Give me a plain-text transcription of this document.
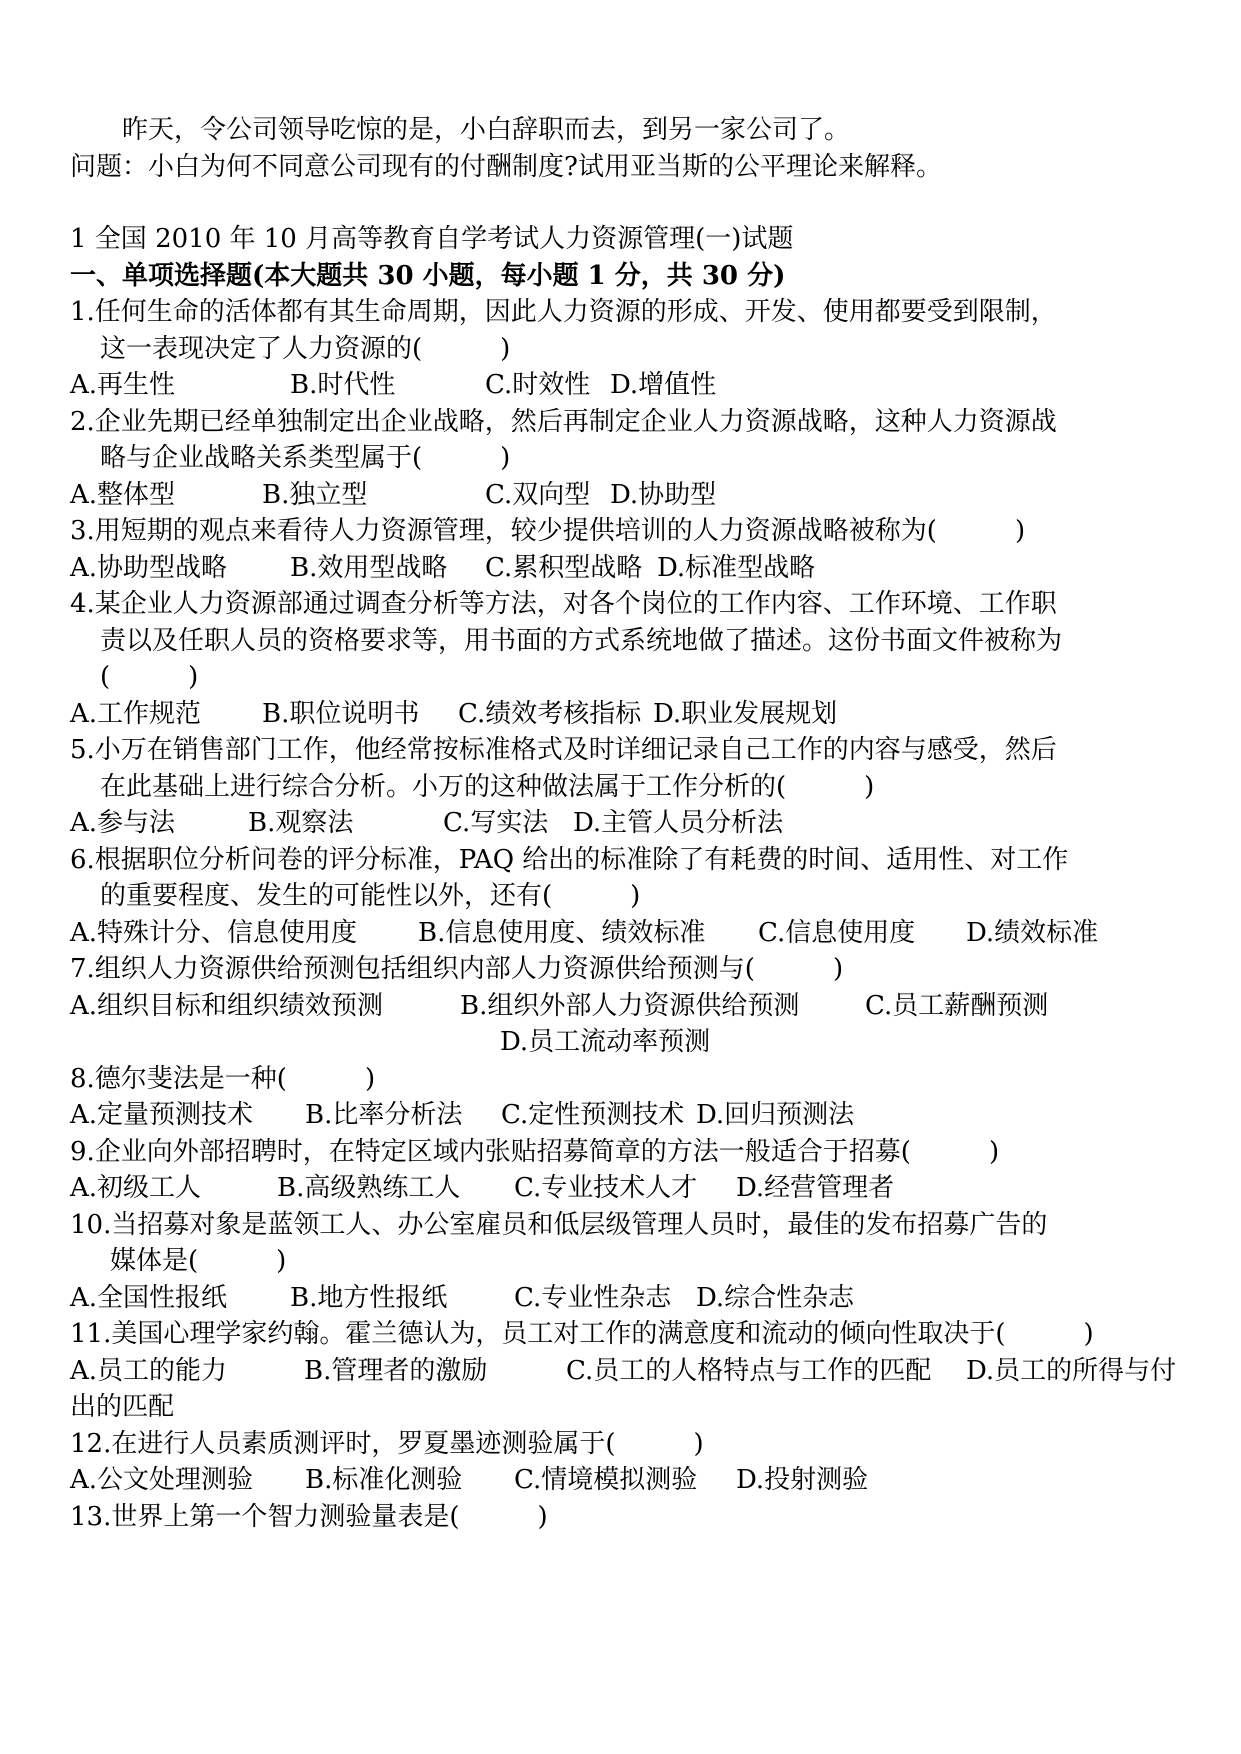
昨天，令公司领导吃惊的是，小白辞职而去，到另一家公司了。
问题：小白为何不同意公司现有的付酬制度?试用亚当斯的公平理论来解释。
1 全国 2010 年 10 月高等教育自学考试人力资源管理(一)试题
一、单项选择题(本大题共 30 小题，每小题 1 分，共 30 分)
1.任何生命的活体都有其生命周期，因此人力资源的形成、开发、使用都要受到限制，
这一表现决定了人力资源的(　　　)
A.再生性	B.时代性	C.时效性 D.增值性
2.企业先期已经单独制定出企业战略，然后再制定企业人力资源战略，这种人力资源战
略与企业战略关系类型属于(　　　)
A.整体型	B.独立型	C.双向型 D.协助型
3.用短期的观点来看待人力资源管理，较少提供培训的人力资源战略被称为(　　　)
A.协助型战略 B.效用型战略 C.累积型战略 D.标准型战略
4.某企业人力资源部通过调查分析等方法，对各个岗位的工作内容、工作环境、工作职
责以及任职人员的资格要求等，用书面的方式系统地做了描述。这份书面文件被称为
(　　　)
A.工作规范 B.职位说明书 C.绩效考核指标 D.职业发展规划
5.小万在销售部门工作，他经常按标准格式及时详细记录自己工作的内容与感受，然后
在此基础上进行综合分析。小万的这种做法属于工作分析的(　　　)
A.参与法	B.观察法	C.写实法 D.主管人员分析法
6.根据职位分析问卷的评分标准，PAQ 给出的标准除了有耗费的时间、适用性、对工作
的重要程度、发生的可能性以外，还有(　　　)
A.特殊计分、信息使用度 B.信息使用度、绩效标准 C.信息使用度 D.绩效标准
7.组织人力资源供给预测包括组织内部人力资源供给预测与(　　　)
A.组织目标和组织绩效预测	B.组织外部人力资源供给预测	C.员工薪酬预测
D.员工流动率预测
8.德尔斐法是一种(　　　)
A.定量预测技术 B.比率分析法 C.定性预测技术 D.回归预测法
9.企业向外部招聘时，在特定区域内张贴招募简章的方法一般适合于招募(　　　)
A.初级工人	B.高级熟练工人 C.专业技术人才 D.经营管理者
10.当招募对象是蓝领工人、办公室雇员和低层级管理人员时，最佳的发布招募广告的
媒体是(　　　)
A.全国性报纸 B.地方性报纸	C.专业性杂志 D.综合性杂志
11.美国心理学家约翰。霍兰德认为，员工对工作的满意度和流动的倾向性取决于(　　　)
A.员工的能力	B.管理者的激励	C.员工的人格特点与工作的匹配 D.员工的所得与付出的匹配
12.在进行人员素质测评时，罗夏墨迹测验属于(　　　)
A.公文处理测验 B.标准化测验 C.情境模拟测验 D.投射测验
13.世界上第一个智力测验量表是(　　　)
